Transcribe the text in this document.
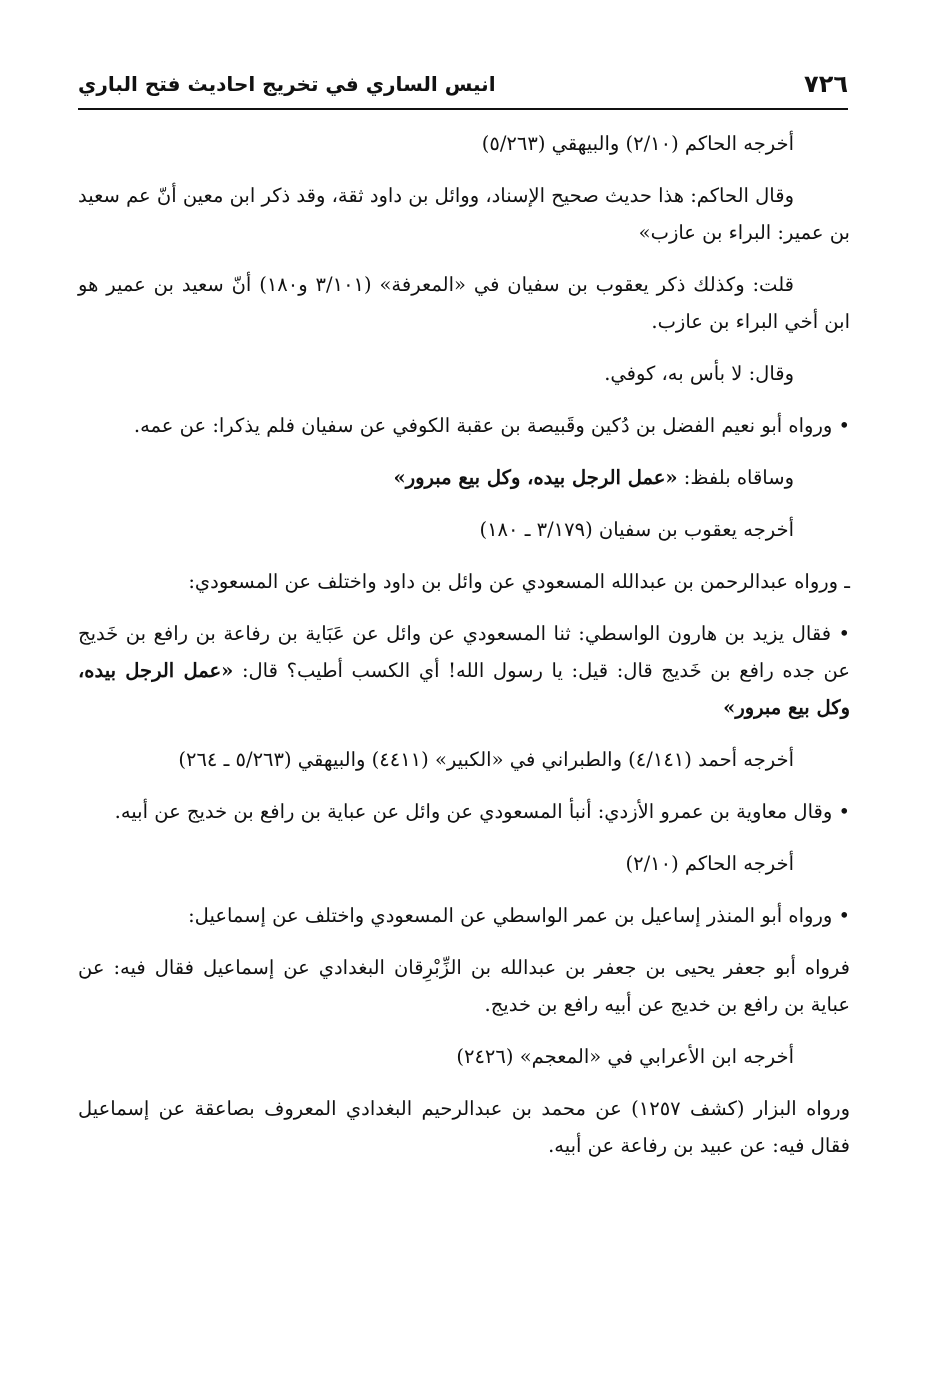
٧٢٦
انيس الساري في تخريج احاديث فتح الباري

أخرجه الحاكم (٢/١٠) والبيهقي (٥/٢٦٣)

وقال الحاكم: هذا حديث صحيح الإسناد، ووائل بن داود ثقة، وقد ذكر ابن معين أنّ عم سعيد بن عمير: البراء بن عازب»

قلت: وكذلك ذكر يعقوب بن سفيان في «المعرفة» (٣/١٠١ و١٨٠) أنّ سعيد بن عمير هو ابن أخي البراء بن عازب.

وقال: لا بأس به، كوفي.

• ورواه أبو نعيم الفضل بن دُكين وقَبيصة بن عقبة الكوفي عن سفيان فلم يذكرا: عن عمه.

وساقاه بلفظ: «عمل الرجل بيده، وكل بيع مبرور»

أخرجه يعقوب بن سفيان (٣/١٧٩ ـ ١٨٠)

ـ ورواه عبدالرحمن بن عبدالله المسعودي عن وائل بن داود واختلف عن المسعودي:

• فقال يزيد بن هارون الواسطي: ثنا المسعودي عن وائل عن عَبَاية بن رفاعة بن رافع بن خَديج عن جده رافع بن خَديج قال: قيل: يا رسول الله! أي الكسب أطيب؟ قال: «عمل الرجل بيده، وكل بيع مبرور»

أخرجه أحمد (٤/١٤١) والطبراني في «الكبير» (٤٤١١) والبيهقي (٥/٢٦٣ ـ ٢٦٤)

• وقال معاوية بن عمرو الأزدي: أنبأ المسعودي عن وائل عن عباية بن رافع بن خديج عن أبيه.

أخرجه الحاكم (٢/١٠)

• ورواه أبو المنذر إساعيل بن عمر الواسطي عن المسعودي واختلف عن إسماعيل:

فرواه أبو جعفر يحيى بن جعفر بن عبدالله بن الزِّبْرِقان البغدادي عن إسماعيل فقال فيه: عن عباية بن رافع بن خديج عن أبيه رافع بن خديج.

أخرجه ابن الأعرابي في «المعجم» (٢٤٢٦)

ورواه البزار (كشف ١٢٥٧) عن محمد بن عبدالرحيم البغدادي المعروف بصاعقة عن إسماعيل فقال فيه: عن عبيد بن رفاعة عن أبيه.
